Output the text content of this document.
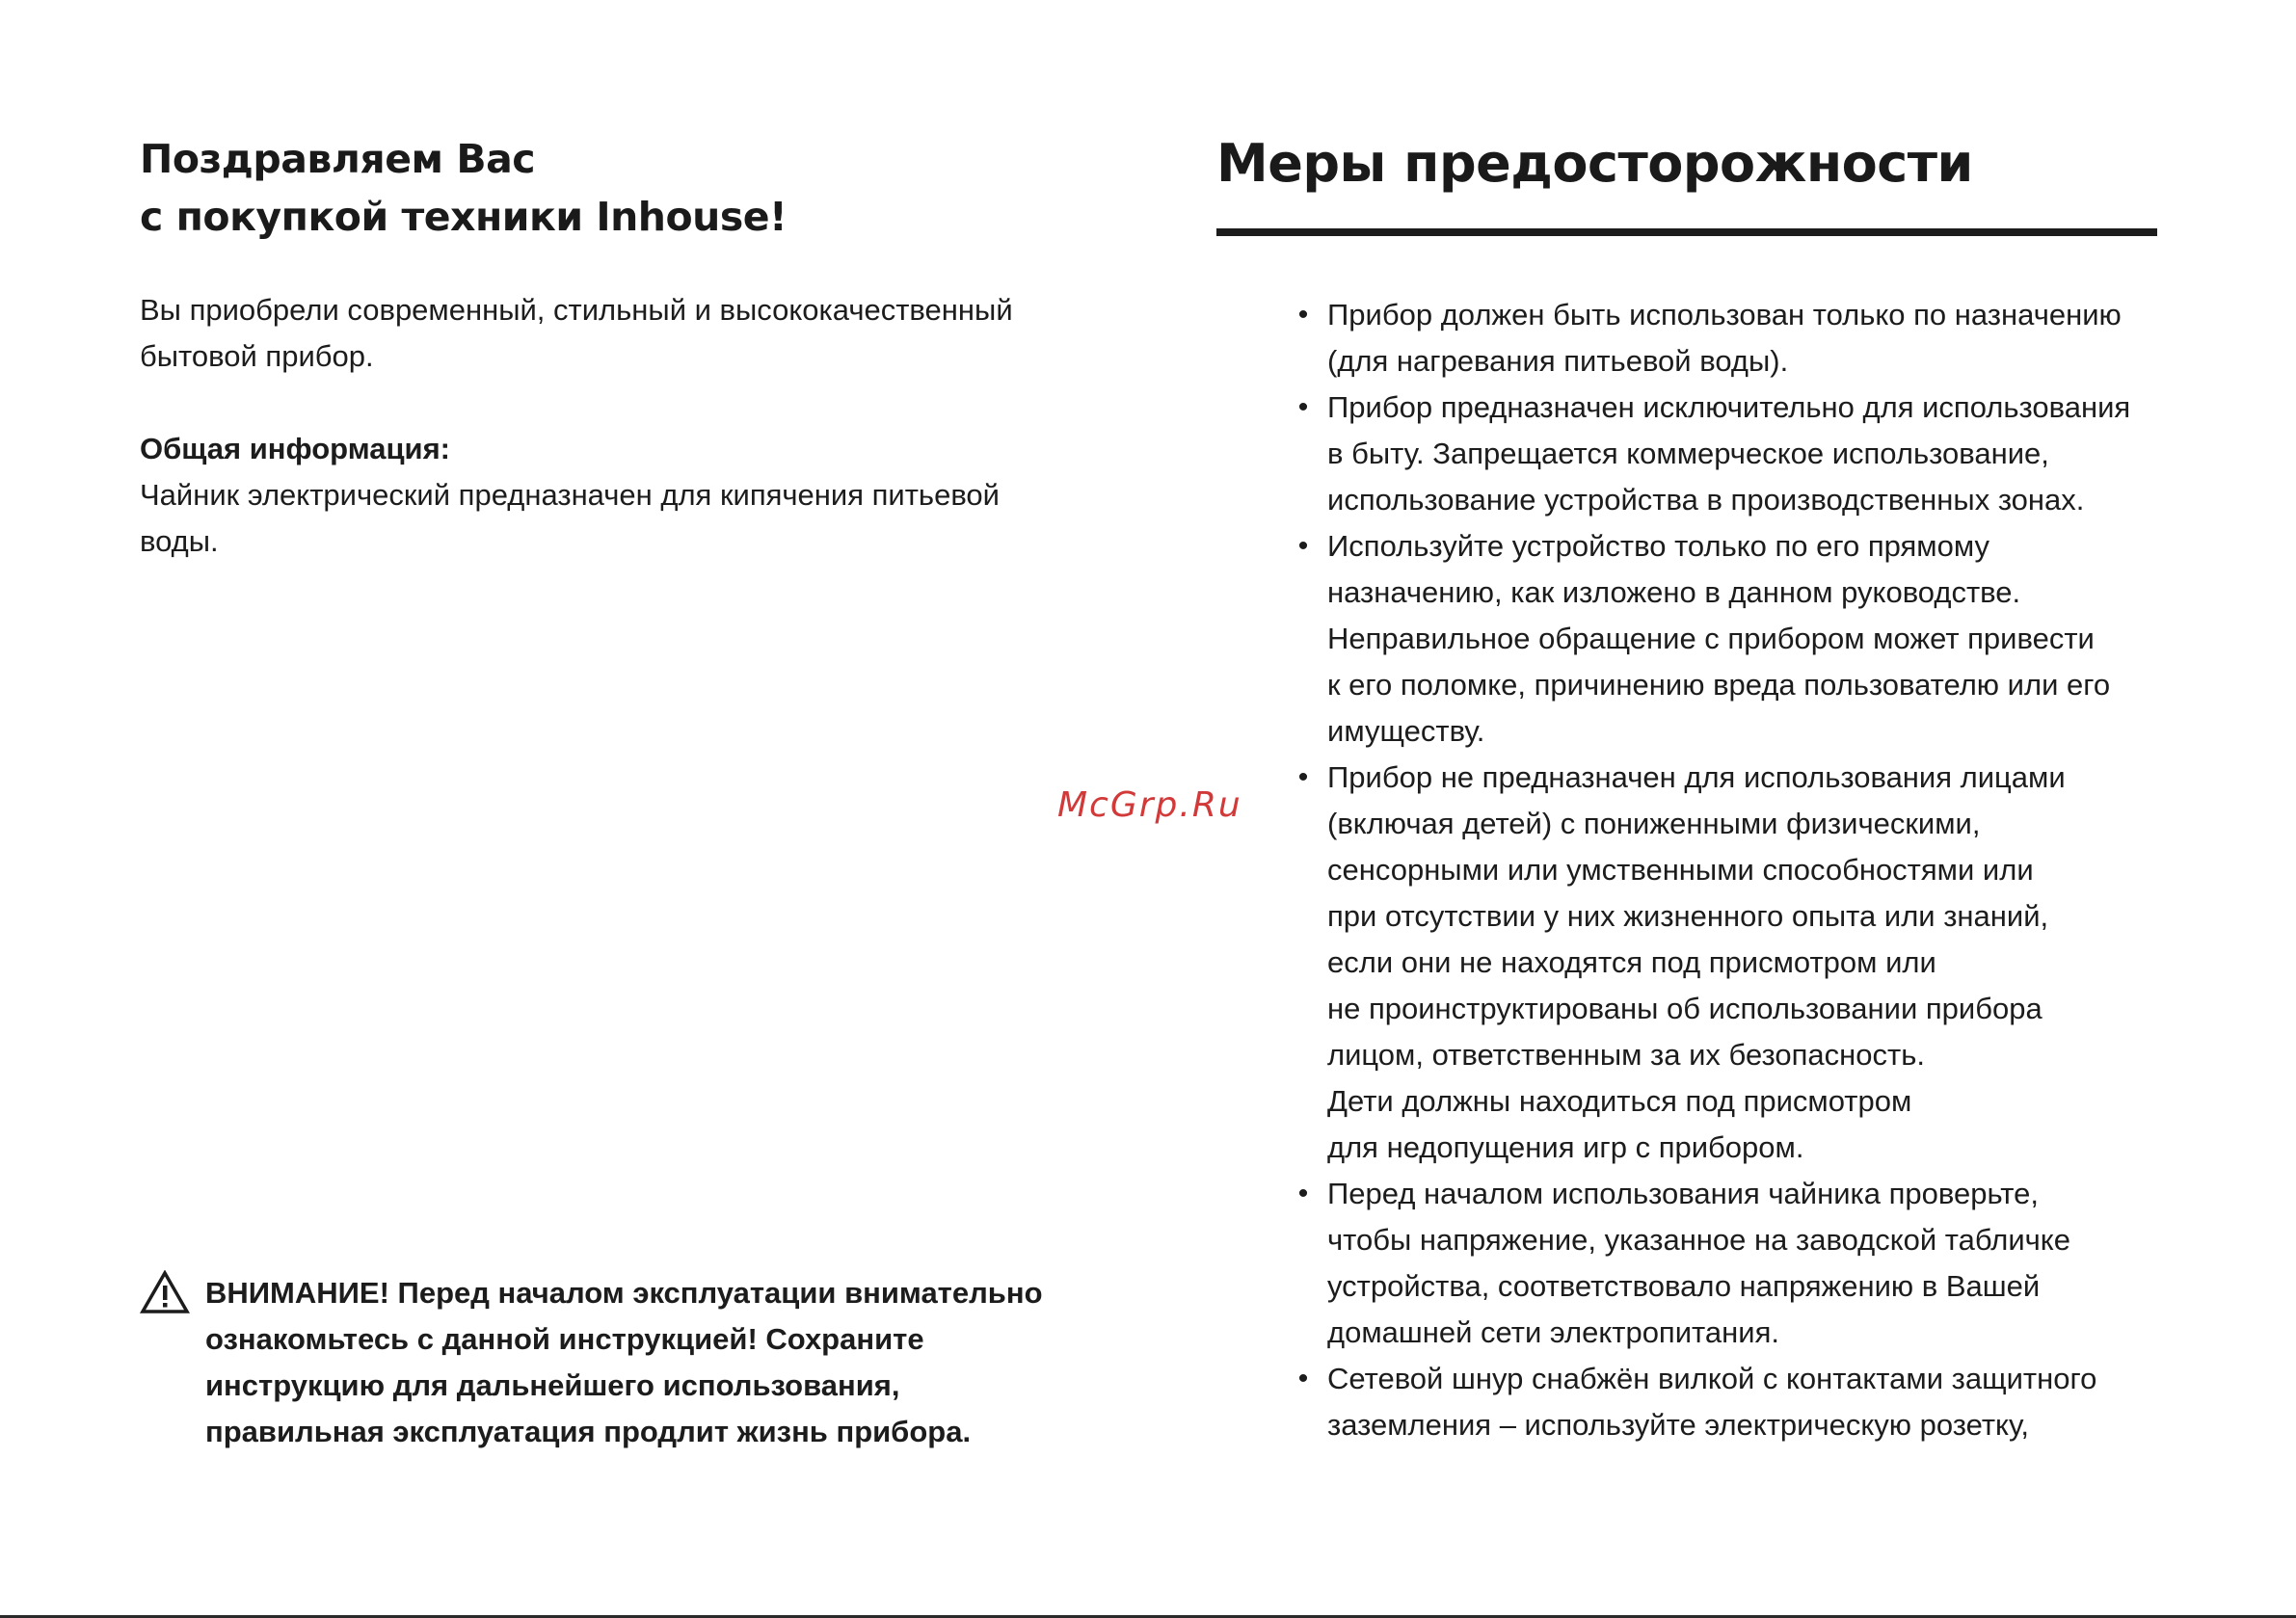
Поздравляем Вас
с покупкой техники Inhouse!

Вы приобрели современный, стильный и высококачественный
бытовой прибор.

Общая информация:

Чайник электрический предназначен для кипячения питьевой
воды.

ВНИМАНИЕ! Перед началом эксплуатации внимательно
ознакомьтесь с данной инструкцией! Сохраните
инструкцию для дальнейшего использования,
правильная эксплуатация продлит жизнь прибора.

McGrp.Ru
Меры предосторожности
• Прибор должен быть использован только по назначению
(для нагревания питьевой воды).
• Прибор предназначен исключительно для использования
в быту. Запрещается коммерческое использование,
использование устройства в производственных зонах.
• Используйте устройство только по его прямому
назначению, как изложено в данном руководстве.
Неправильное обращение с прибором может привести
к его поломке, причинению вреда пользователю или его
имуществу.
• Прибор не предназначен для использования лицами
(включая детей) с пониженными физическими,
сенсорными или умственными способностями или
при отсутствии у них жизненного опыта или знаний,
если они не находятся под присмотром или
не проинструктированы об использовании прибора
лицом, ответственным за их безопасность.
Дети должны находиться под присмотром
для недопущения игр с прибором.
• Перед началом использования чайника проверьте,
чтобы напряжение, указанное на заводской табличке
устройства, соответствовало напряжению в Вашей
домашней сети электропитания.
• Сетевой шнур снабжён вилкой с контактами защитного
заземления – используйте электрическую розетку,
